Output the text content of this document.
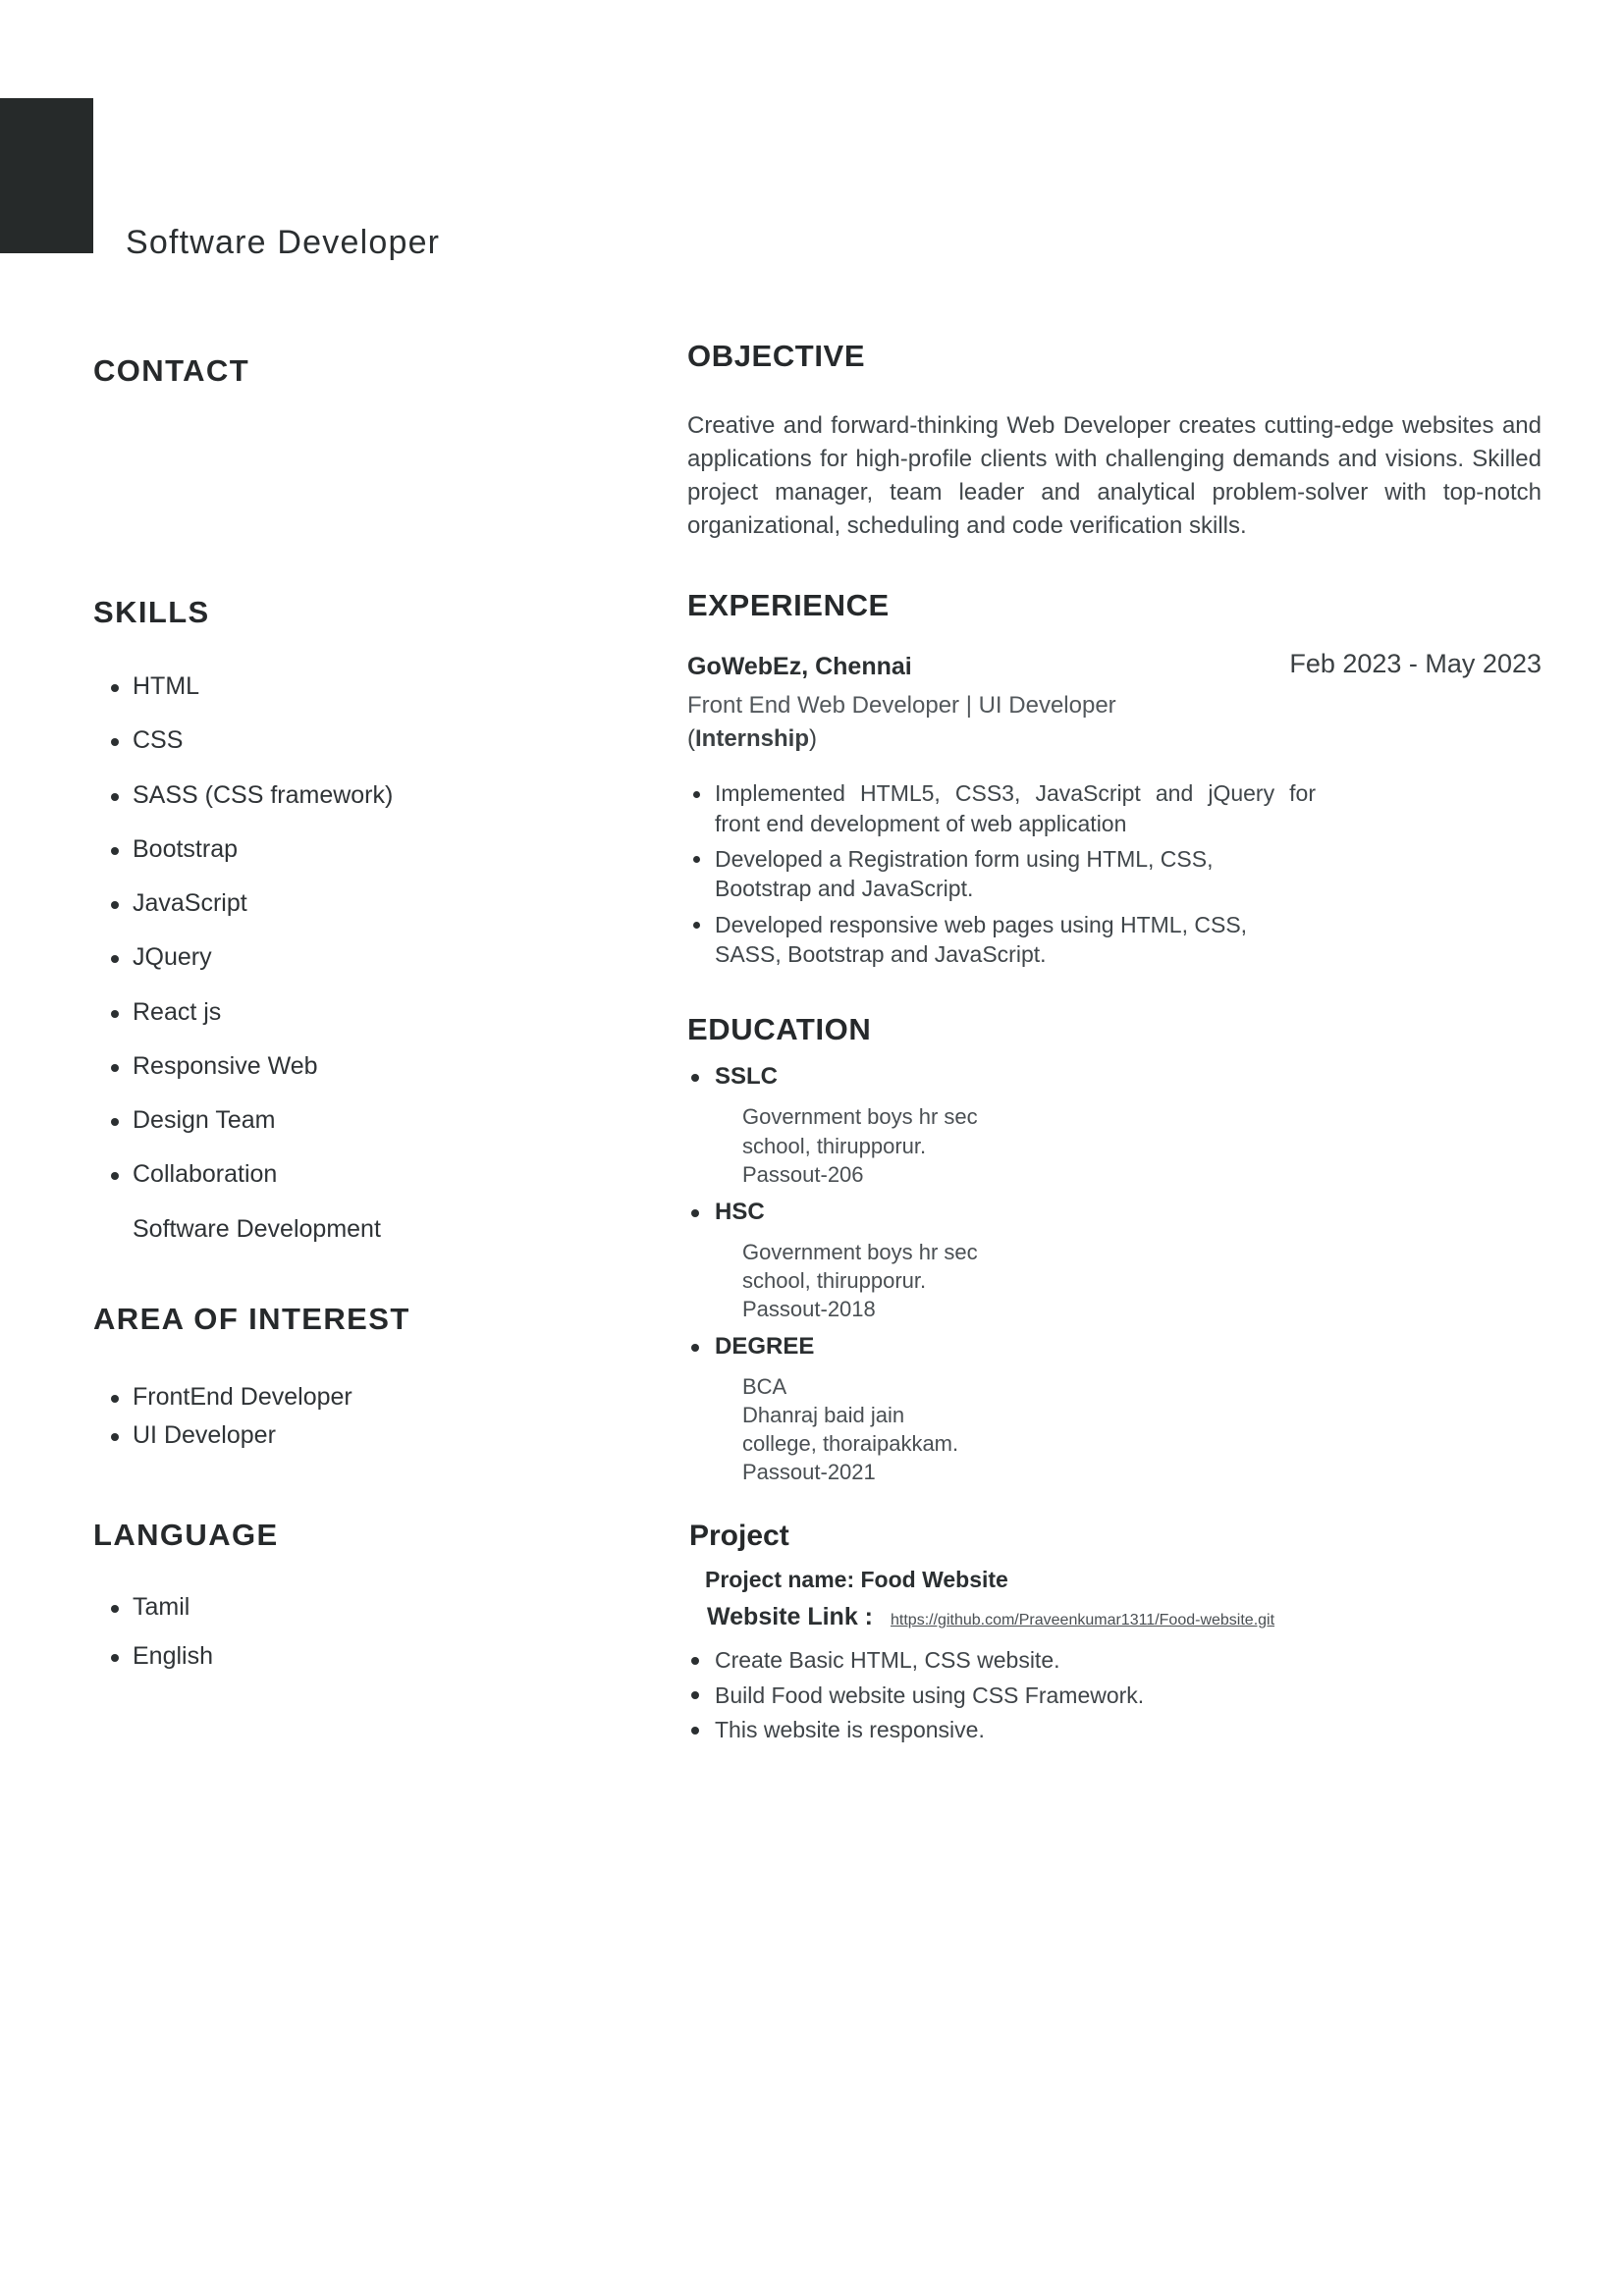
Software Developer
CONTACT
SKILLS
HTML
CSS
SASS (CSS framework)
Bootstrap
JavaScript
JQuery
React js
Responsive Web
Design Team
Collaboration
Software Development
AREA OF INTEREST
FrontEnd Developer
UI Developer
LANGUAGE
Tamil
English
OBJECTIVE

Creative and forward-thinking Web Developer creates cutting-edge websites and applications for high-profile clients with challenging demands and visions. Skilled project manager, team leader and analytical problem-solver with top-notch organizational, scheduling and code verification skills.

EXPERIENCE
GoWebEz, Chennai	Feb 2023 - May 2023
Front End Web Developer | UI Developer
(Internship)
Implemented HTML5, CSS3, JavaScript and jQuery for front end development of web application
Developed a Registration form using HTML, CSS, Bootstrap and JavaScript.
Developed responsive web pages using HTML, CSS, SASS, Bootstrap and JavaScript.
EDUCATION
SSLC
Government boys hr sec
school, thirupporur.
Passout-206
HSC
Government boys hr sec
school, thirupporur.
Passout-2018
DEGREE
BCA
Dhanraj baid jain
college, thoraipakkam.
Passout-2021
Project
Project name: Food Website
Website Link : https://github.com/Praveenkumar1311/Food-website.git
Create Basic HTML, CSS website.
Build Food website using CSS Framework.
This website is responsive.
